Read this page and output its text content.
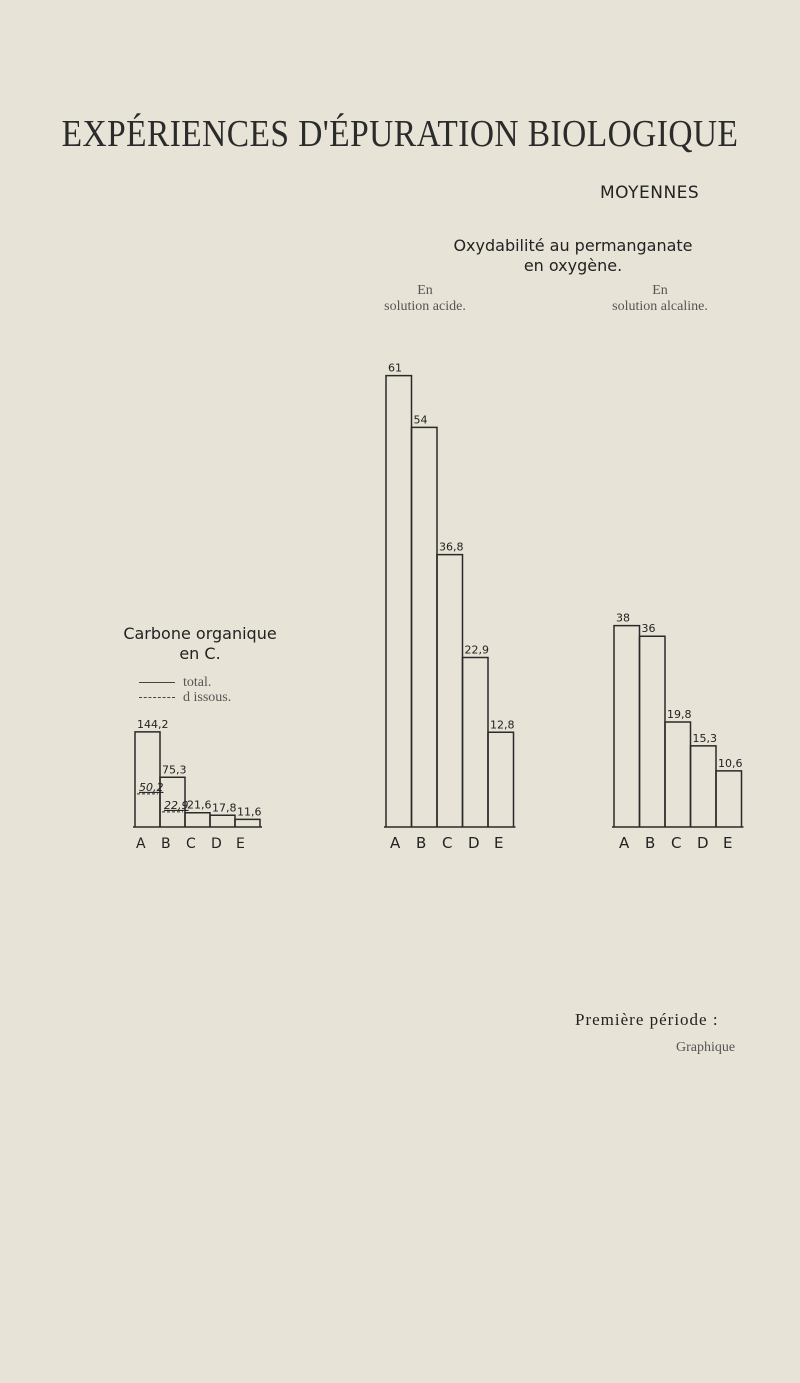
EXPÉRIENCES D'ÉPURATION BIOLOGIQUE
MOYENNES
Oxydabilité au permanganate
en oxygène.
En
solution acide.
En
solution alcaline.
Carbone organique
en C.
total.
d issous.
144,2
75,3
21,6 17,8 11,6
50,2
22,9
A B C D E
61
54
36,8
22,9
12,8
A B C D E
38
36
19,8
15,3
10,6
A B C D E
Première période :
Graphique
